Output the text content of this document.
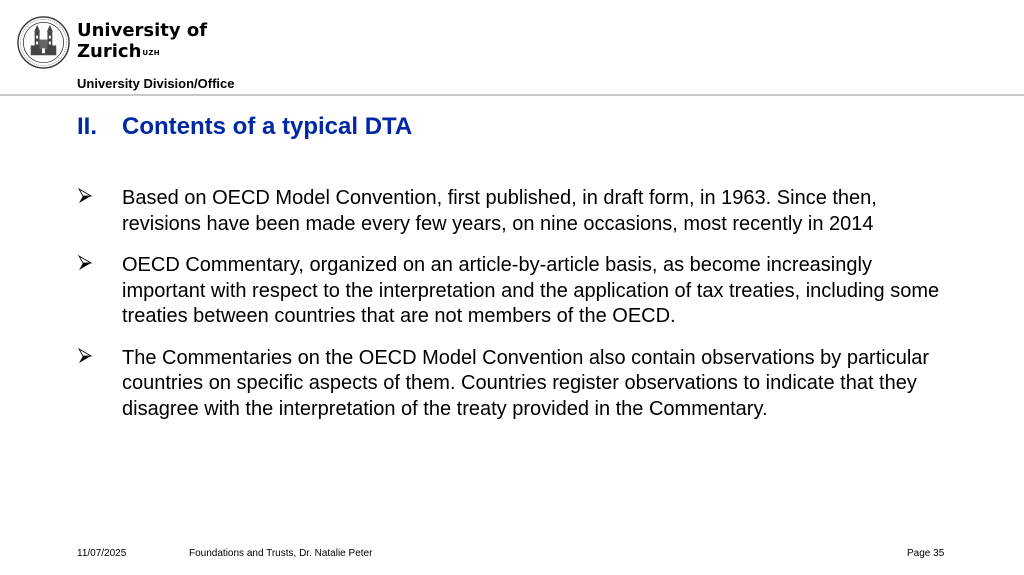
University of
Zurich$^{UZH}$
University Division/Office
II. Contents of a typical DTA
Based on OECD Model Convention, first published, in draft form, in 1963. Since then, revisions have been made every few years, on nine occasions, most recently in 2014
OECD Commentary, organized on an article-by-article basis, as become increasingly important with respect to the interpretation and the application of tax treaties, including some treaties between countries that are not members of the OECD.
The Commentaries on the OECD Model Convention also contain observations by particular countries on specific aspects of them. Countries register observations to indicate that they disagree with the interpretation of the treaty provided in the Commentary.
11/07/2025	Foundations and Trusts, Dr. Natalie Peter	Page 35
